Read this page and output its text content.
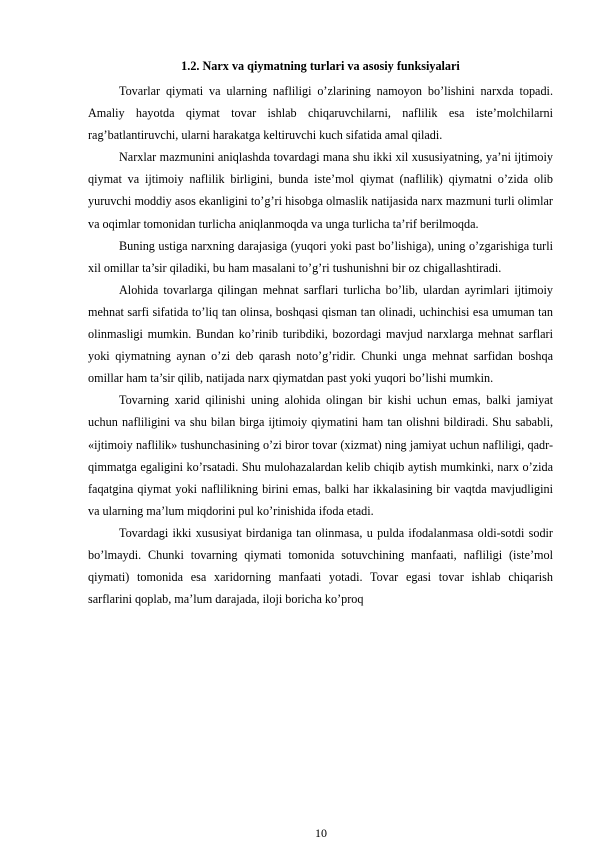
1.2. Narx va qiymatning turlari va asosiy funksiyalari

Tovarlar qiymati va ularning nafliligi o’zlarining namoyon bo’lishini narxda topadi. Amaliy hayotda qiymat tovar ishlab chiqaruvchilarni, naflilik esa iste’molchilarni rag’batlantiruvchi, ularni harakatga keltiruvchi kuch sifatida amal qiladi.

Narxlar mazmunini aniqlashda tovardagi mana shu ikki xil xususiyatning, ya’ni ijtimoiy qiymat va ijtimoiy naflilik birligini, bunda iste’mol qiymat (naflilik) qiymatni o’zida olib yuruvchi moddiy asos ekanligini to’g’ri hisobga olmaslik natijasida narx mazmuni turli olimlar va oqimlar tomonidan turlicha aniqlanmoqda va unga turlicha ta’rif berilmoqda.

Buning ustiga narxning darajasiga (yuqori yoki past bo’lishiga), uning o’zgarishiga turli xil omillar ta’sir qiladiki, bu ham masalani to’g’ri tushunishni bir oz chigallashtiradi.

Alohida tovarlarga qilingan mehnat sarflari turlicha bo’lib, ulardan ayrimlari ijtimoiy mehnat sarfi sifatida to’liq tan olinsa, boshqasi qisman tan olinadi, uchinchisi esa umuman tan olinmasligi mumkin. Bundan ko’rinib turibdiki, bozordagi mavjud narxlarga mehnat sarflari yoki qiymatning aynan o’zi deb qarash noto’g’ridir. Chunki unga mehnat sarfidan boshqa omillar ham ta’sir qilib, natijada narx qiymatdan past yoki yuqori bo’lishi mumkin.

Tovarning xarid qilinishi uning alohida olingan bir kishi uchun emas, balki jamiyat uchun nafliligini va shu bilan birga ijtimoiy qiymatini ham tan olishni bildiradi. Shu sababli, «ijtimoiy naflilik» tushunchasining o’zi biror tovar (xizmat) ning jamiyat uchun nafliligi, qadr-qimmatga egaligini ko’rsatadi. Shu mulohazalardan kelib chiqib aytish mumkinki, narx o’zida faqatgina qiymat yoki naflilikning birini emas, balki har ikkalasining bir vaqtda mavjudligini va ularning ma’lum miqdorini pul ko’rinishida ifoda etadi.

Tovardagi ikki xususiyat birdaniga tan olinmasa, u pulda ifodalanmasa oldi-sotdi sodir bo’lmaydi. Chunki tovarning qiymati tomonida sotuvchining manfaati, nafliligi (iste’mol qiymati) tomonida esa xaridorning manfaati yotadi. Tovar egasi tovar ishlab chiqarish sarflarini qoplab, ma’lum darajada, iloji boricha ko’proq

10
